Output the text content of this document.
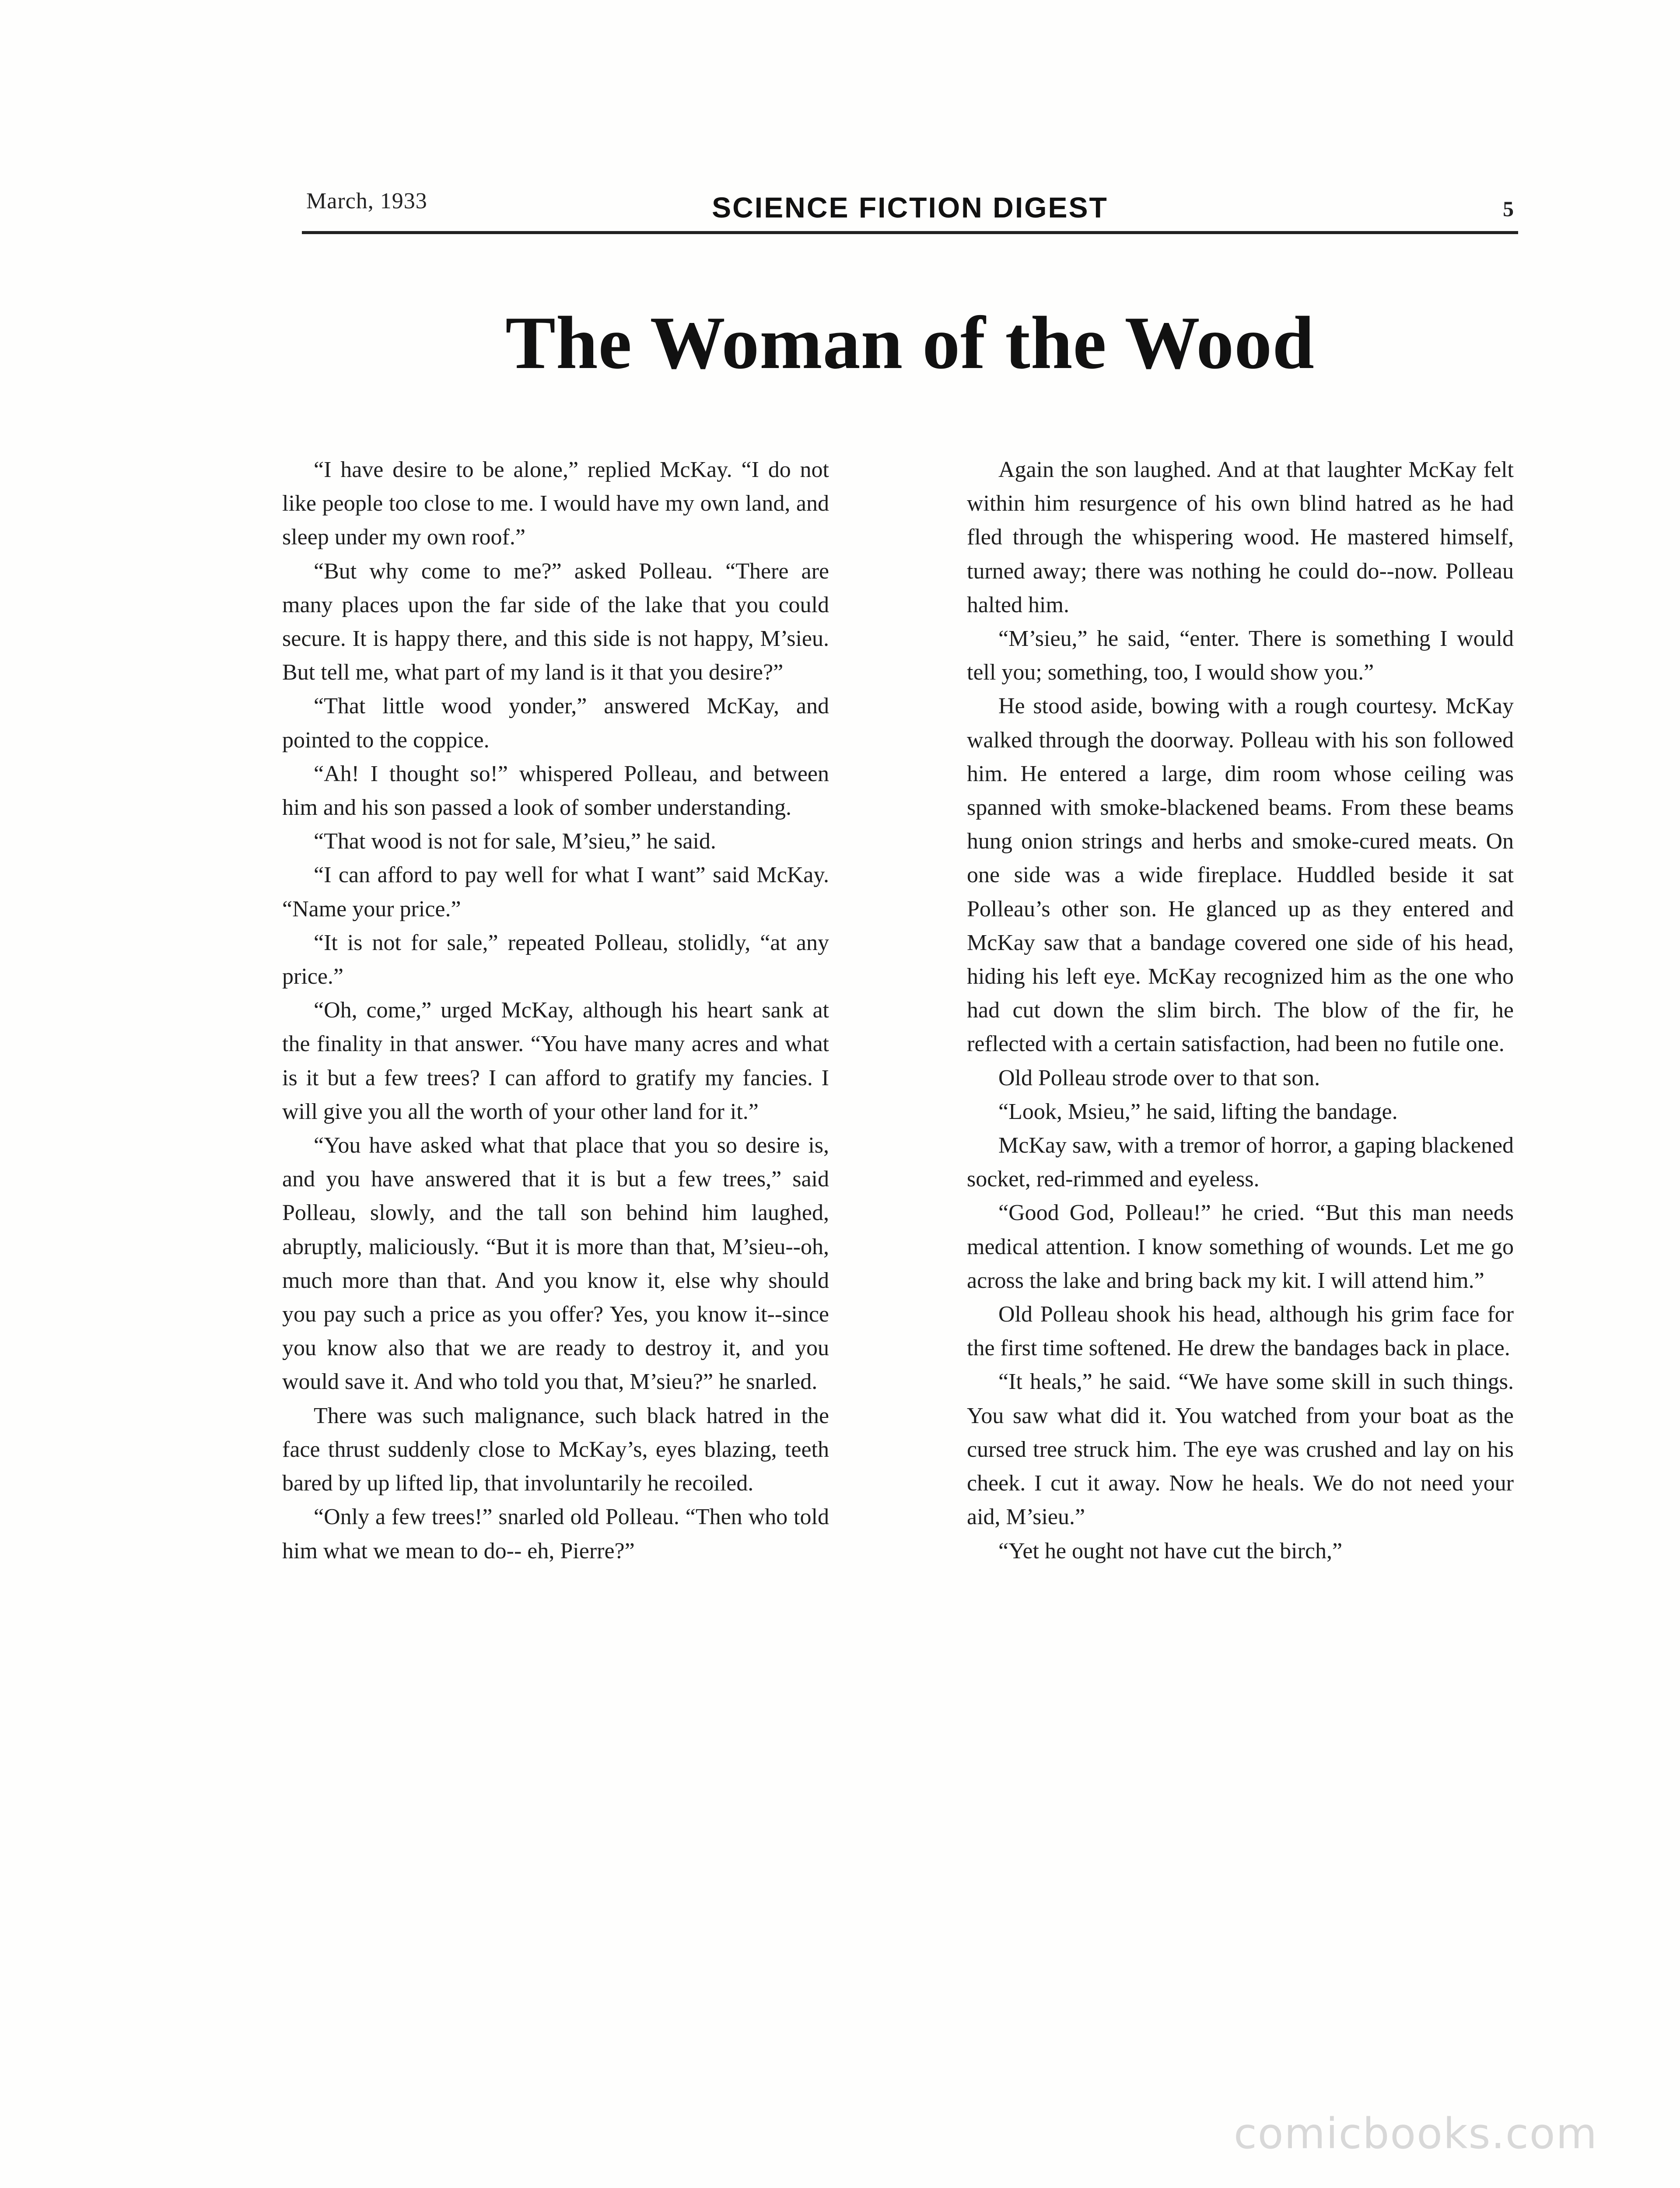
March, 1933	SCIENCE FICTION DIGEST	5
The Woman of the Wood

“I have desire to be alone,” replied McKay. “I do not like people too close to me. I would have my own land, and sleep under my own roof.”

“But why come to me?” asked Polleau. “There are many places upon the far side of the lake that you could secure. It is happy there, and this side is not happy, M’sieu. But tell me, what part of my land is it that you desire?”

“That little wood yonder,” answered McKay, and pointed to the coppice.

“Ah! I thought so!” whispered Polleau, and between him and his son passed a look of somber understanding.

“That wood is not for sale, M’sieu,” he said.

“I can afford to pay well for what I want” said McKay. “Name your price.”

“It is not for sale,” repeated Polleau, stolidly, “at any price.”

“Oh, come,” urged McKay, although his heart sank at the finality in that answer. “You have many acres and what is it but a few trees? I can afford to gratify my fancies. I will give you all the worth of your other land for it.”

“You have asked what that place that you so desire is, and you have answered that it is but a few trees,” said Polleau, slowly, and the tall son behind him laughed, abruptly, maliciously. “But it is more than that, M’sieu--oh, much more than that. And you know it, else why should you pay such a price as you offer? Yes, you know it--since you know also that we are ready to destroy it, and you would save it. And who told you that, M’sieu?” he snarled.

There was such malignance, such black hatred in the face thrust suddenly close to McKay’s, eyes blazing, teeth bared by up lifted lip, that involuntarily he recoiled.

“Only a few trees!” snarled old Polleau. “Then who told him what we mean to do-- eh, Pierre?”

Again the son laughed. And at that laughter McKay felt within him resurgence of his own blind hatred as he had fled through the whispering wood. He mastered himself, turned away; there was nothing he could do--now. Polleau halted him.

“M’sieu,” he said, “enter. There is something I would tell you; something, too, I would show you.”

He stood aside, bowing with a rough courtesy. McKay walked through the doorway. Polleau with his son followed him. He entered a large, dim room whose ceiling was spanned with smoke-blackened beams. From these beams hung onion strings and herbs and smoke-cured meats. On one side was a wide fireplace. Huddled beside it sat Polleau’s other son. He glanced up as they entered and McKay saw that a bandage covered one side of his head, hiding his left eye. McKay recognized him as the one who had cut down the slim birch. The blow of the fir, he reflected with a certain satisfaction, had been no futile one.

Old Polleau strode over to that son.

“Look, Msieu,” he said, lifting the bandage.

McKay saw, with a tremor of horror, a gaping blackened socket, red-rimmed and eyeless.

“Good God, Polleau!” he cried. “But this man needs medical attention. I know something of wounds. Let me go across the lake and bring back my kit. I will attend him.”

Old Polleau shook his head, although his grim face for the first time softened. He drew the bandages back in place.

“It heals,” he said. “We have some skill in such things. You saw what did it. You watched from your boat as the cursed tree struck him. The eye was crushed and lay on his cheek. I cut it away. Now he heals. We do not need your aid, M’sieu.”

“Yet he ought not have cut the birch,”

comicbooks.com
